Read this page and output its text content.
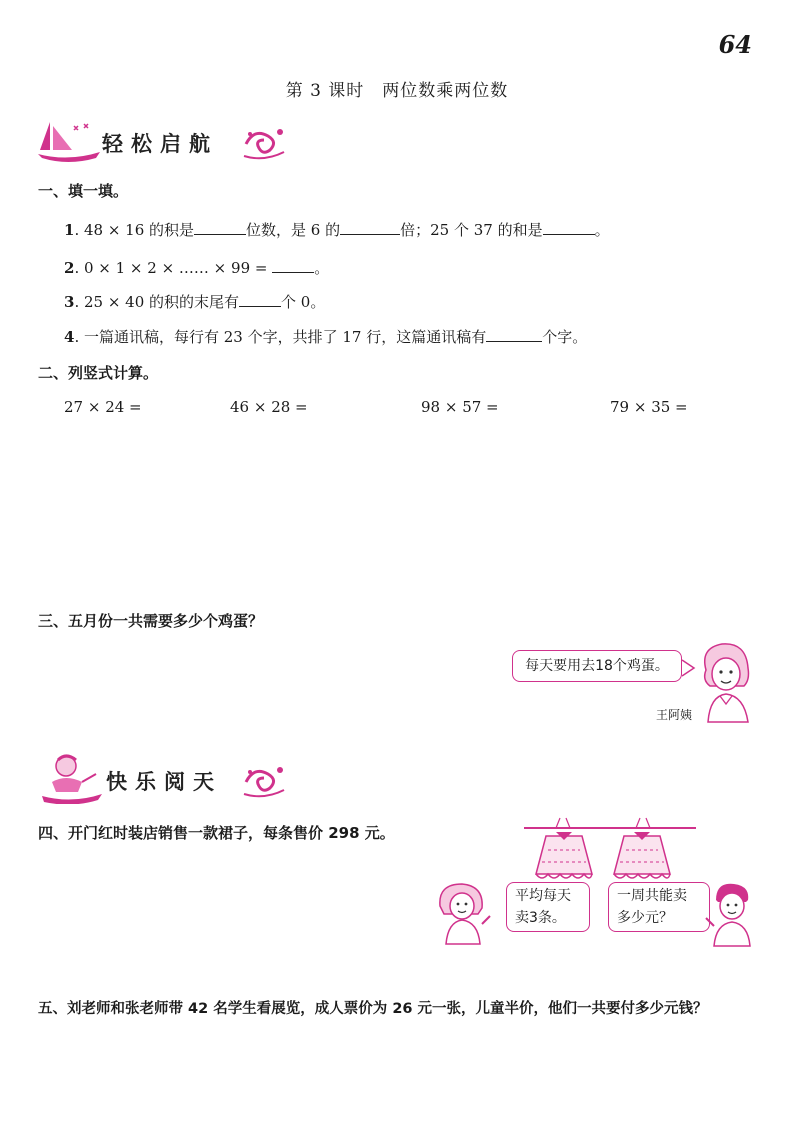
64
第 3 课时　两位数乘两位数
轻松启航
一、填一填。
1. 48 × 16 的积是	位数，是 6 的	倍；25 个 37 的和是	。
2. 0 × 1 × 2 × …… × 99 =	。
3. 25 × 40 的积的末尾有	个 0。
4. 一篇通讯稿，每行有 23 个字，共排了 17 行，这篇通讯稿有	个字。
二、列竖式计算。
27 × 24 =	46 × 28 =	98 × 57 =	79 × 35 =
三、五月份一共需要多少个鸡蛋？
每天要用去18个鸡蛋。
王阿姨
快乐阅天
四、开门红时装店销售一款裙子，每条售价 298 元。
平均每天
卖3条。
一周共能卖
多少元？
五、刘老师和张老师带 42 名学生看展览，成人票价为 26 元一张，儿童半价，他们一共要付多少元钱？
